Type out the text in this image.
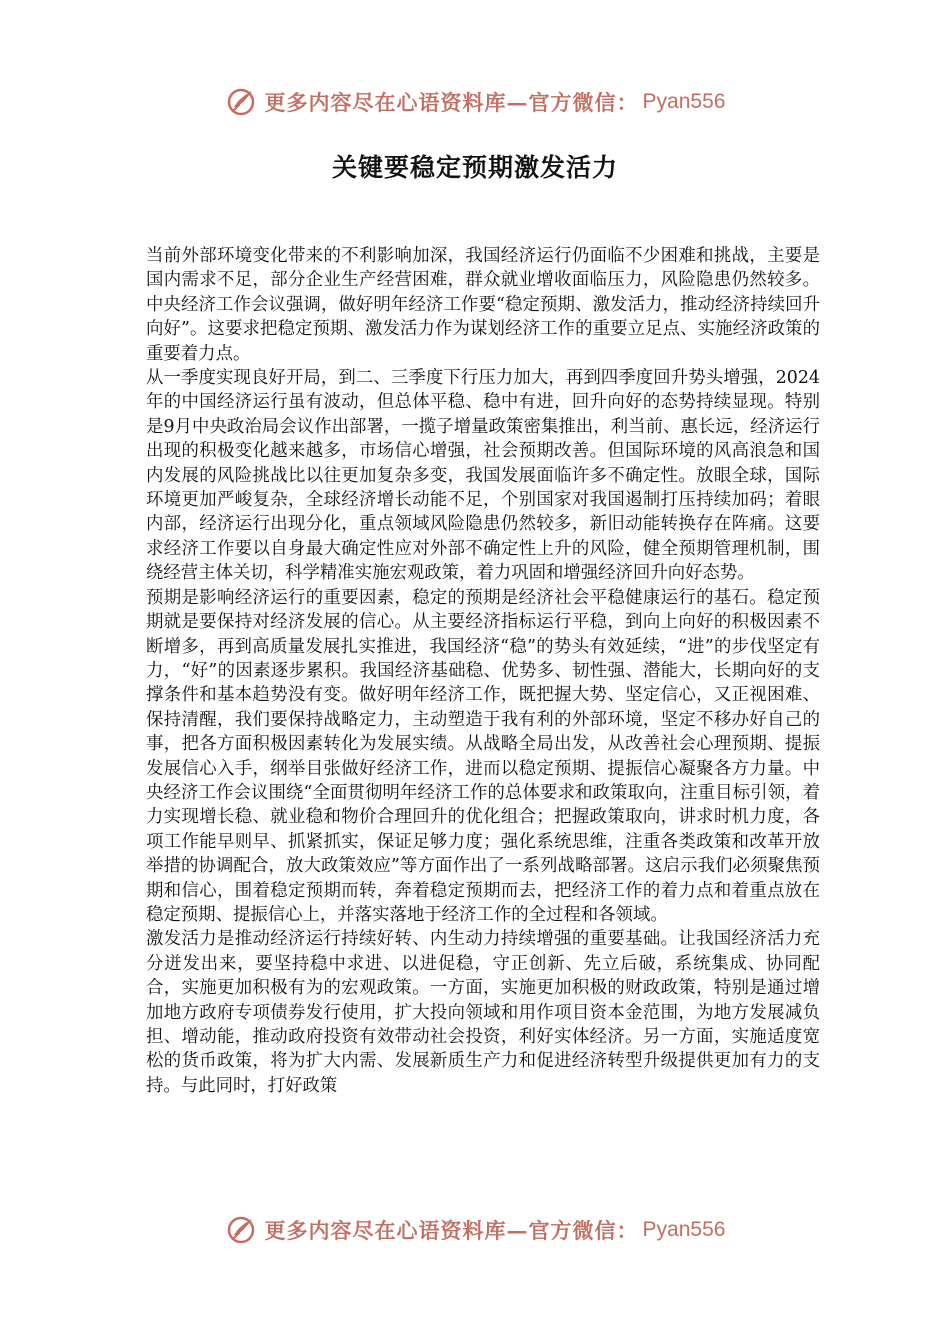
更多内容尽在心语资料库—官方微信： Pyan556
关键要稳定预期激发活力

当前外部环境变化带来的不利影响加深，我国经济运行仍面临不少困难和挑战，主要是国内需求不足，部分企业生产经营困难，群众就业增收面临压力，风险隐患仍然较多。中央经济工作会议强调，做好明年经济工作要“稳定预期、激发活力，推动经济持续回升向好”。这要求把稳定预期、激发活力作为谋划经济工作的重要立足点、实施经济政策的重要着力点。

从一季度实现良好开局，到二、三季度下行压力加大，再到四季度回升势头增强，2024年的中国经济运行虽有波动，但总体平稳、稳中有进，回升向好的态势持续显现。特别是9月中央政治局会议作出部署，一揽子增量政策密集推出，利当前、惠长远，经济运行出现的积极变化越来越多，市场信心增强，社会预期改善。但国际环境的风高浪急和国内发展的风险挑战比以往更加复杂多变，我国发展面临许多不确定性。放眼全球，国际环境更加严峻复杂，全球经济增长动能不足，个别国家对我国遏制打压持续加码；着眼内部，经济运行出现分化，重点领域风险隐患仍然较多，新旧动能转换存在阵痛。这要求经济工作要以自身最大确定性应对外部不确定性上升的风险，健全预期管理机制，围绕经营主体关切，科学精准实施宏观政策，着力巩固和增强经济回升向好态势。

预期是影响经济运行的重要因素，稳定的预期是经济社会平稳健康运行的基石。稳定预期就是要保持对经济发展的信心。从主要经济指标运行平稳，到向上向好的积极因素不断增多，再到高质量发展扎实推进，我国经济“稳”的势头有效延续，“进”的步伐坚定有力，“好”的因素逐步累积。我国经济基础稳、优势多、韧性强、潜能大，长期向好的支撑条件和基本趋势没有变。做好明年经济工作，既把握大势、坚定信心，又正视困难、保持清醒，我们要保持战略定力，主动塑造于我有利的外部环境，坚定不移办好自己的事，把各方面积极因素转化为发展实绩。从战略全局出发，从改善社会心理预期、提振发展信心入手，纲举目张做好经济工作，进而以稳定预期、提振信心凝聚各方力量。中央经济工作会议围绕“全面贯彻明年经济工作的总体要求和政策取向，注重目标引领，着力实现增长稳、就业稳和物价合理回升的优化组合；把握政策取向，讲求时机力度，各项工作能早则早、抓紧抓实，保证足够力度；强化系统思维，注重各类政策和改革开放举措的协调配合，放大政策效应”等方面作出了一系列战略部署。这启示我们必须聚焦预期和信心，围着稳定预期而转，奔着稳定预期而去，把经济工作的着力点和着重点放在稳定预期、提振信心上，并落实落地于经济工作的全过程和各领域。

激发活力是推动经济运行持续好转、内生动力持续增强的重要基础。让我国经济活力充分迸发出来，要坚持稳中求进、以进促稳，守正创新、先立后破，系统集成、协同配合，实施更加积极有为的宏观政策。一方面，实施更加积极的财政政策，特别是通过增加地方政府专项债券发行使用，扩大投向领域和用作项目资本金范围，为地方发展减负担、增动能，推动政府投资有效带动社会投资，利好实体经济。另一方面，实施适度宽松的货币政策，将为扩大内需、发展新质生产力和促进经济转型升级提供更加有力的支持。与此同时，打好政策

更多内容尽在心语资料库—官方微信： Pyan556
